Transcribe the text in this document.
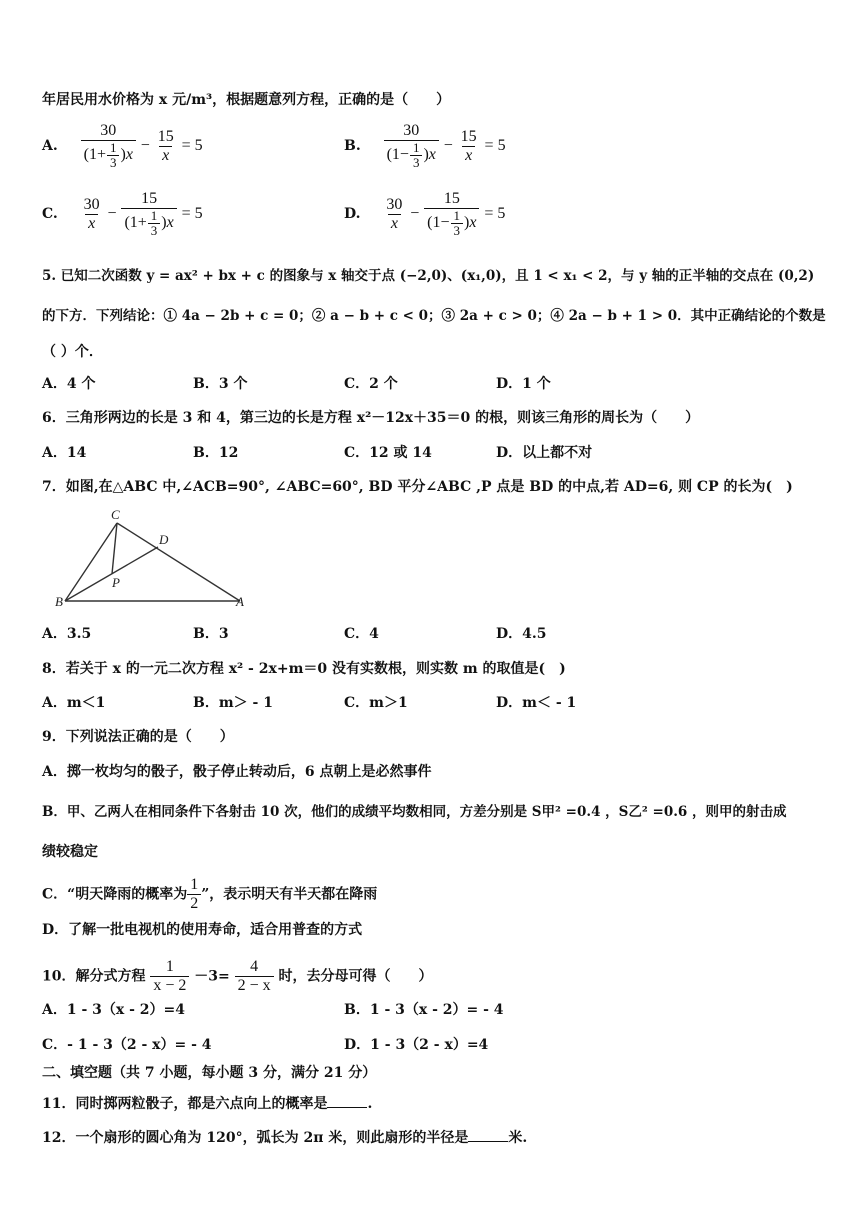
年居民用水价格为 x 元/m³，根据题意列方程，正确的是（　　）
A. $\frac{30}{(1+ \frac{1}{3} )x} - \frac{15}{x} = 5$	B. $\frac{30}{(1- \frac{1}{3} )x} - \frac{15}{x} = 5$
C. $\frac{30}{x} - \frac{15}{(1+ \frac{1}{3} )x} = 5$	D. $\frac{30}{x} - \frac{15}{(1- \frac{1}{3} )x} = 5$
5. 已知二次函数 y = ax² + bx + c 的图象与 x 轴交于点 (−2,0)、(x₁,0)，且 1 < x₁ < 2，与 y 轴的正半轴的交点在 (0,2)
的下方．下列结论：① 4a − 2b + c = 0；② a − b + c < 0；③ 2a + c > 0；④ 2a − b + 1 > 0．其中正确结论的个数是
（ ）个．
A．4 个	B．3 个	C．2 个	D．1 个
6．三角形两边的长是 3 和 4，第三边的长是方程 x²－12x＋35＝0 的根，则该三角形的周长为（　　）
A．14	B．12	C．12 或 14	D．以上都不对
7．如图,在△ABC 中,∠ACB=90°, ∠ABC=60°, BD 平分∠ABC ,P 点是 BD 的中点,若 AD=6, 则 CP 的长为(　)
C
D
P
B	A
A．3.5	B．3	C．4	D．4.5
8．若关于 x 的一元二次方程 x² - 2x+m＝0 没有实数根，则实数 m 的取值是(　)
A．m＜1	B．m＞ - 1	C．m＞1	D．m＜ - 1
9．下列说法正确的是（　　）
A．掷一枚均匀的骰子，骰子停止转动后，6 点朝上是必然事件
B．甲、乙两人在相同条件下各射击 10 次，他们的成绩平均数相同，方差分别是 S甲² =0.4 ，S乙² =0.6 ，则甲的射击成
绩较稳定
C．“明天降雨的概率为 $\frac{1}{2}$ ”，表示明天有半天都在降雨
D．了解一批电视机的使用寿命，适合用普查的方式
10．解分式方程 $\frac{1}{x - 2} -3= \frac{4}{2 - x}$ 时，去分母可得（　　）
A．1 - 3（x - 2）=4	B．1 - 3（x - 2）= - 4
C．- 1 - 3（2 - x）= - 4	D．1 - 3（2 - x）=4
二、填空题（共 7 小题，每小题 3 分，满分 21 分）
11．同时掷两粒骰子，都是六点向上的概率是	.
12．一个扇形的圆心角为 120°，弧长为 2π 米，则此扇形的半径是	米.
